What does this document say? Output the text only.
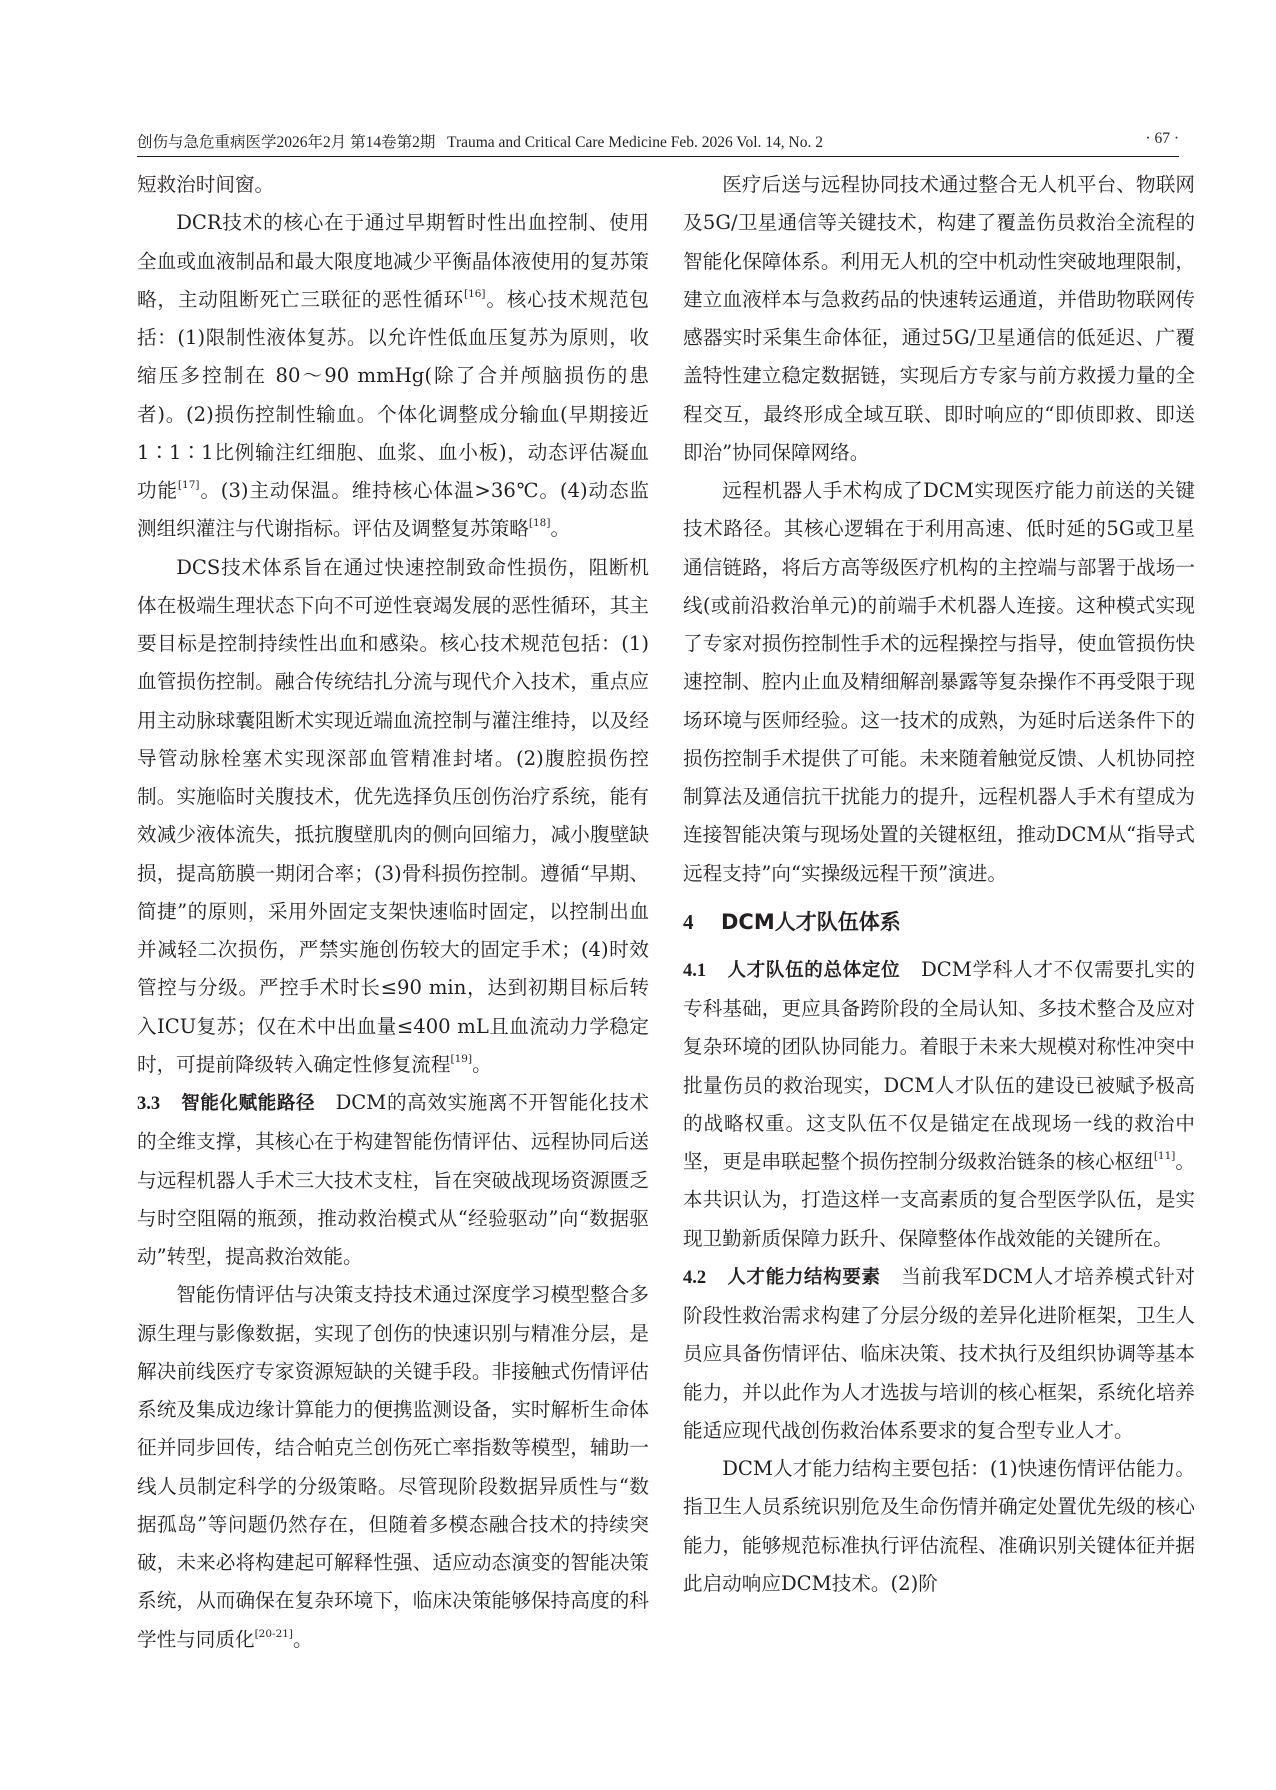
创伤与急危重病医学2026年2月 第14卷第2期 Trauma and Critical Care Medicine Feb. 2026 Vol. 14, No. 2	· 67 ·

短救治时间窗。

DCR技术的核心在于通过早期暂时性出血控制、使用全血或血液制品和最大限度地减少平衡晶体液使用的复苏策略，主动阻断死亡三联征的恶性循环[16]。核心技术规范包括：(1)限制性液体复苏。以允许性低血压复苏为原则，收缩压多控制在 80～90 mmHg(除了合并颅脑损伤的患者)。(2)损伤控制性输血。个体化调整成分输血(早期接近1∶1∶1比例输注红细胞、血浆、血小板)，动态评估凝血功能[17]。(3)主动保温。维持核心体温>36℃。(4)动态监测组织灌注与代谢指标。评估及调整复苏策略[18]。

DCS技术体系旨在通过快速控制致命性损伤，阻断机体在极端生理状态下向不可逆性衰竭发展的恶性循环，其主要目标是控制持续性出血和感染。核心技术规范包括：(1)血管损伤控制。融合传统结扎分流与现代介入技术，重点应用主动脉球囊阻断术实现近端血流控制与灌注维持，以及经导管动脉栓塞术实现深部血管精准封堵。(2)腹腔损伤控制。实施临时关腹技术，优先选择负压创伤治疗系统，能有效减少液体流失，抵抗腹壁肌肉的侧向回缩力，减小腹壁缺损，提高筋膜一期闭合率；(3)骨科损伤控制。遵循“早期、简捷”的原则，采用外固定支架快速临时固定，以控制出血并减轻二次损伤，严禁实施创伤较大的固定手术；(4)时效管控与分级。严控手术时长≤90 min，达到初期目标后转入ICU复苏；仅在术中出血量≤400 mL且血流动力学稳定时，可提前降级转入确定性修复流程[19]。

3.3 智能化赋能路径 DCM的高效实施离不开智能化技术的全维支撑，其核心在于构建智能伤情评估、远程协同后送与远程机器人手术三大技术支柱，旨在突破战现场资源匮乏与时空阻隔的瓶颈，推动救治模式从“经验驱动”向“数据驱动”转型，提高救治效能。

智能伤情评估与决策支持技术通过深度学习模型整合多源生理与影像数据，实现了创伤的快速识别与精准分层，是解决前线医疗专家资源短缺的关键手段。非接触式伤情评估系统及集成边缘计算能力的便携监测设备，实时解析生命体征并同步回传，结合帕克兰创伤死亡率指数等模型，辅助一线人员制定科学的分级策略。尽管现阶段数据异质性与“数据孤岛”等问题仍然存在，但随着多模态融合技术的持续突破，未来必将构建起可解释性强、适应动态演变的智能决策系统，从而确保在复杂环境下，临床决策能够保持高度的科学性与同质化[20-21]。

医疗后送与远程协同技术通过整合无人机平台、物联网及5G/卫星通信等关键技术，构建了覆盖伤员救治全流程的智能化保障体系。利用无人机的空中机动性突破地理限制，建立血液样本与急救药品的快速转运通道，并借助物联网传感器实时采集生命体征，通过5G/卫星通信的低延迟、广覆盖特性建立稳定数据链，实现后方专家与前方救援力量的全程交互，最终形成全域互联、即时响应的“即侦即救、即送即治”协同保障网络。

远程机器人手术构成了DCM实现医疗能力前送的关键技术路径。其核心逻辑在于利用高速、低时延的5G或卫星通信链路，将后方高等级医疗机构的主控端与部署于战场一线(或前沿救治单元)的前端手术机器人连接。这种模式实现了专家对损伤控制性手术的远程操控与指导，使血管损伤快速控制、腔内止血及精细解剖暴露等复杂操作不再受限于现场环境与医师经验。这一技术的成熟，为延时后送条件下的损伤控制手术提供了可能。未来随着触觉反馈、人机协同控制算法及通信抗干扰能力的提升，远程机器人手术有望成为连接智能决策与现场处置的关键枢纽，推动DCM从“指导式远程支持”向“实操级远程干预”演进。

4 DCM人才队伍体系

4.1 人才队伍的总体定位 DCM学科人才不仅需要扎实的专科基础，更应具备跨阶段的全局认知、多技术整合及应对复杂环境的团队协同能力。着眼于未来大规模对称性冲突中批量伤员的救治现实，DCM人才队伍的建设已被赋予极高的战略权重。这支队伍不仅是锚定在战现场一线的救治中坚，更是串联起整个损伤控制分级救治链条的核心枢纽[11]。本共识认为，打造这样一支高素质的复合型医学队伍，是实现卫勤新质保障力跃升、保障整体作战效能的关键所在。

4.2 人才能力结构要素 当前我军DCM人才培养模式针对阶段性救治需求构建了分层分级的差异化进阶框架，卫生人员应具备伤情评估、临床决策、技术执行及组织协调等基本能力，并以此作为人才选拔与培训的核心框架，系统化培养能适应现代战创伤救治体系要求的复合型专业人才。

DCM人才能力结构主要包括：(1)快速伤情评估能力。指卫生人员系统识别危及生命伤情并确定处置优先级的核心能力，能够规范标准执行评估流程、准确识别关键体征并据此启动响应DCM技术。(2)阶
